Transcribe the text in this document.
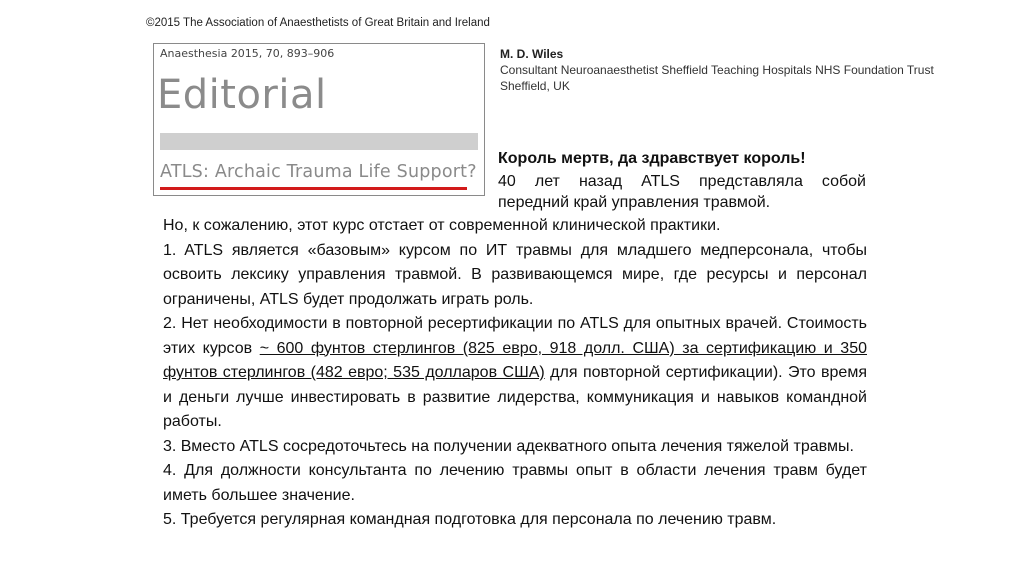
©2015 The Association of Anaesthetists of Great Britain and Ireland
Anaesthesia 2015, 70, 893–906
Editorial
ATLS: Archaic Trauma Life Support?
M. D. Wiles
Consultant Neuroanaesthetist Sheffield Teaching Hospitals NHS Foundation Trust
Sheffield, UK
Король мертв, да здравствует король!
40 лет назад ATLS представляла собой передний край управления травмой.

Но, к сожалению, этот курс отстает от современной клинической практики.

1. ATLS является «базовым» курсом по ИТ травмы для младшего медперсонала, чтобы освоить лексику управления травмой. В развивающемся мире, где ресурсы и персонал ограничены, ATLS будет продолжать играть роль.

2. Нет необходимости в повторной ресертификации по ATLS для опытных врачей. Стоимость этих курсов ~ 600 фунтов стерлингов (825 евро, 918 долл. США) за сертификацию и 350 фунтов стерлингов (482 евро; 535 долларов США) для повторной сертификации). Это время и деньги лучше инвестировать в развитие лидерства, коммуникация и навыков командной работы.

3. Вместо ATLS сосредоточьтесь на получении адекватного опыта лечения тяжелой травмы.

4. Для должности консультанта по лечению травмы опыт в области лечения травм будет иметь большее значение.

5. Требуется регулярная командная подготовка для персонала по лечению травм.
